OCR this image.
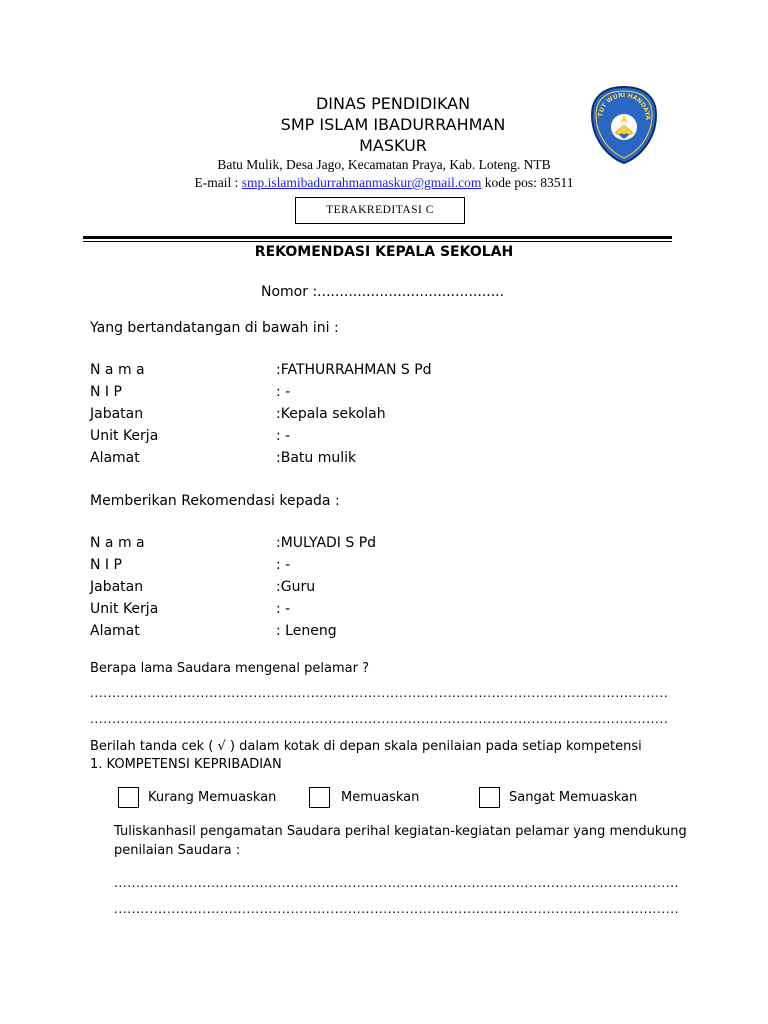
DINAS PENDIDIKAN
SMP ISLAM IBADURRAHMAN
MASKUR
Batu Mulik, Desa Jago, Kecamatan Praya, Kab. Loteng. NTB
E-mail : smp.islamibadurrahmanmaskur@gmail.com kode pos: 83511
TERAKREDITASI C
TUT WURI HANDAYA
REKOMENDASI KEPALA SEKOLAH
Nomor :..........................................
Yang bertandatangan di bawah ini :
N a m a	:FATHURRAHMAN S Pd
N I P	: -
Jabatan	:Kepala sekolah
Unit Kerja	: -
Alamat	:Batu mulik
Memberikan Rekomendasi kepada :
N a m a	:MULYADI S Pd
N I P	: -
Jabatan	:Guru
Unit Kerja	: -
Alamat	: Leneng
Berapa lama Saudara mengenal pelamar ?
...................................................................................................................................
...................................................................................................................................
Berilah tanda cek ( √ ) dalam kotak di depan skala penilaian pada setiap kompetensi
1. KOMPETENSI KEPRIBADIAN
Kurang Memuaskan	Memuaskan	Sangat Memuaskan
Tuliskanhasil pengamatan Saudara perihal kegiatan-kegiatan pelamar yang mendukung
penilaian Saudara :
................................................................................................................................
................................................................................................................................
